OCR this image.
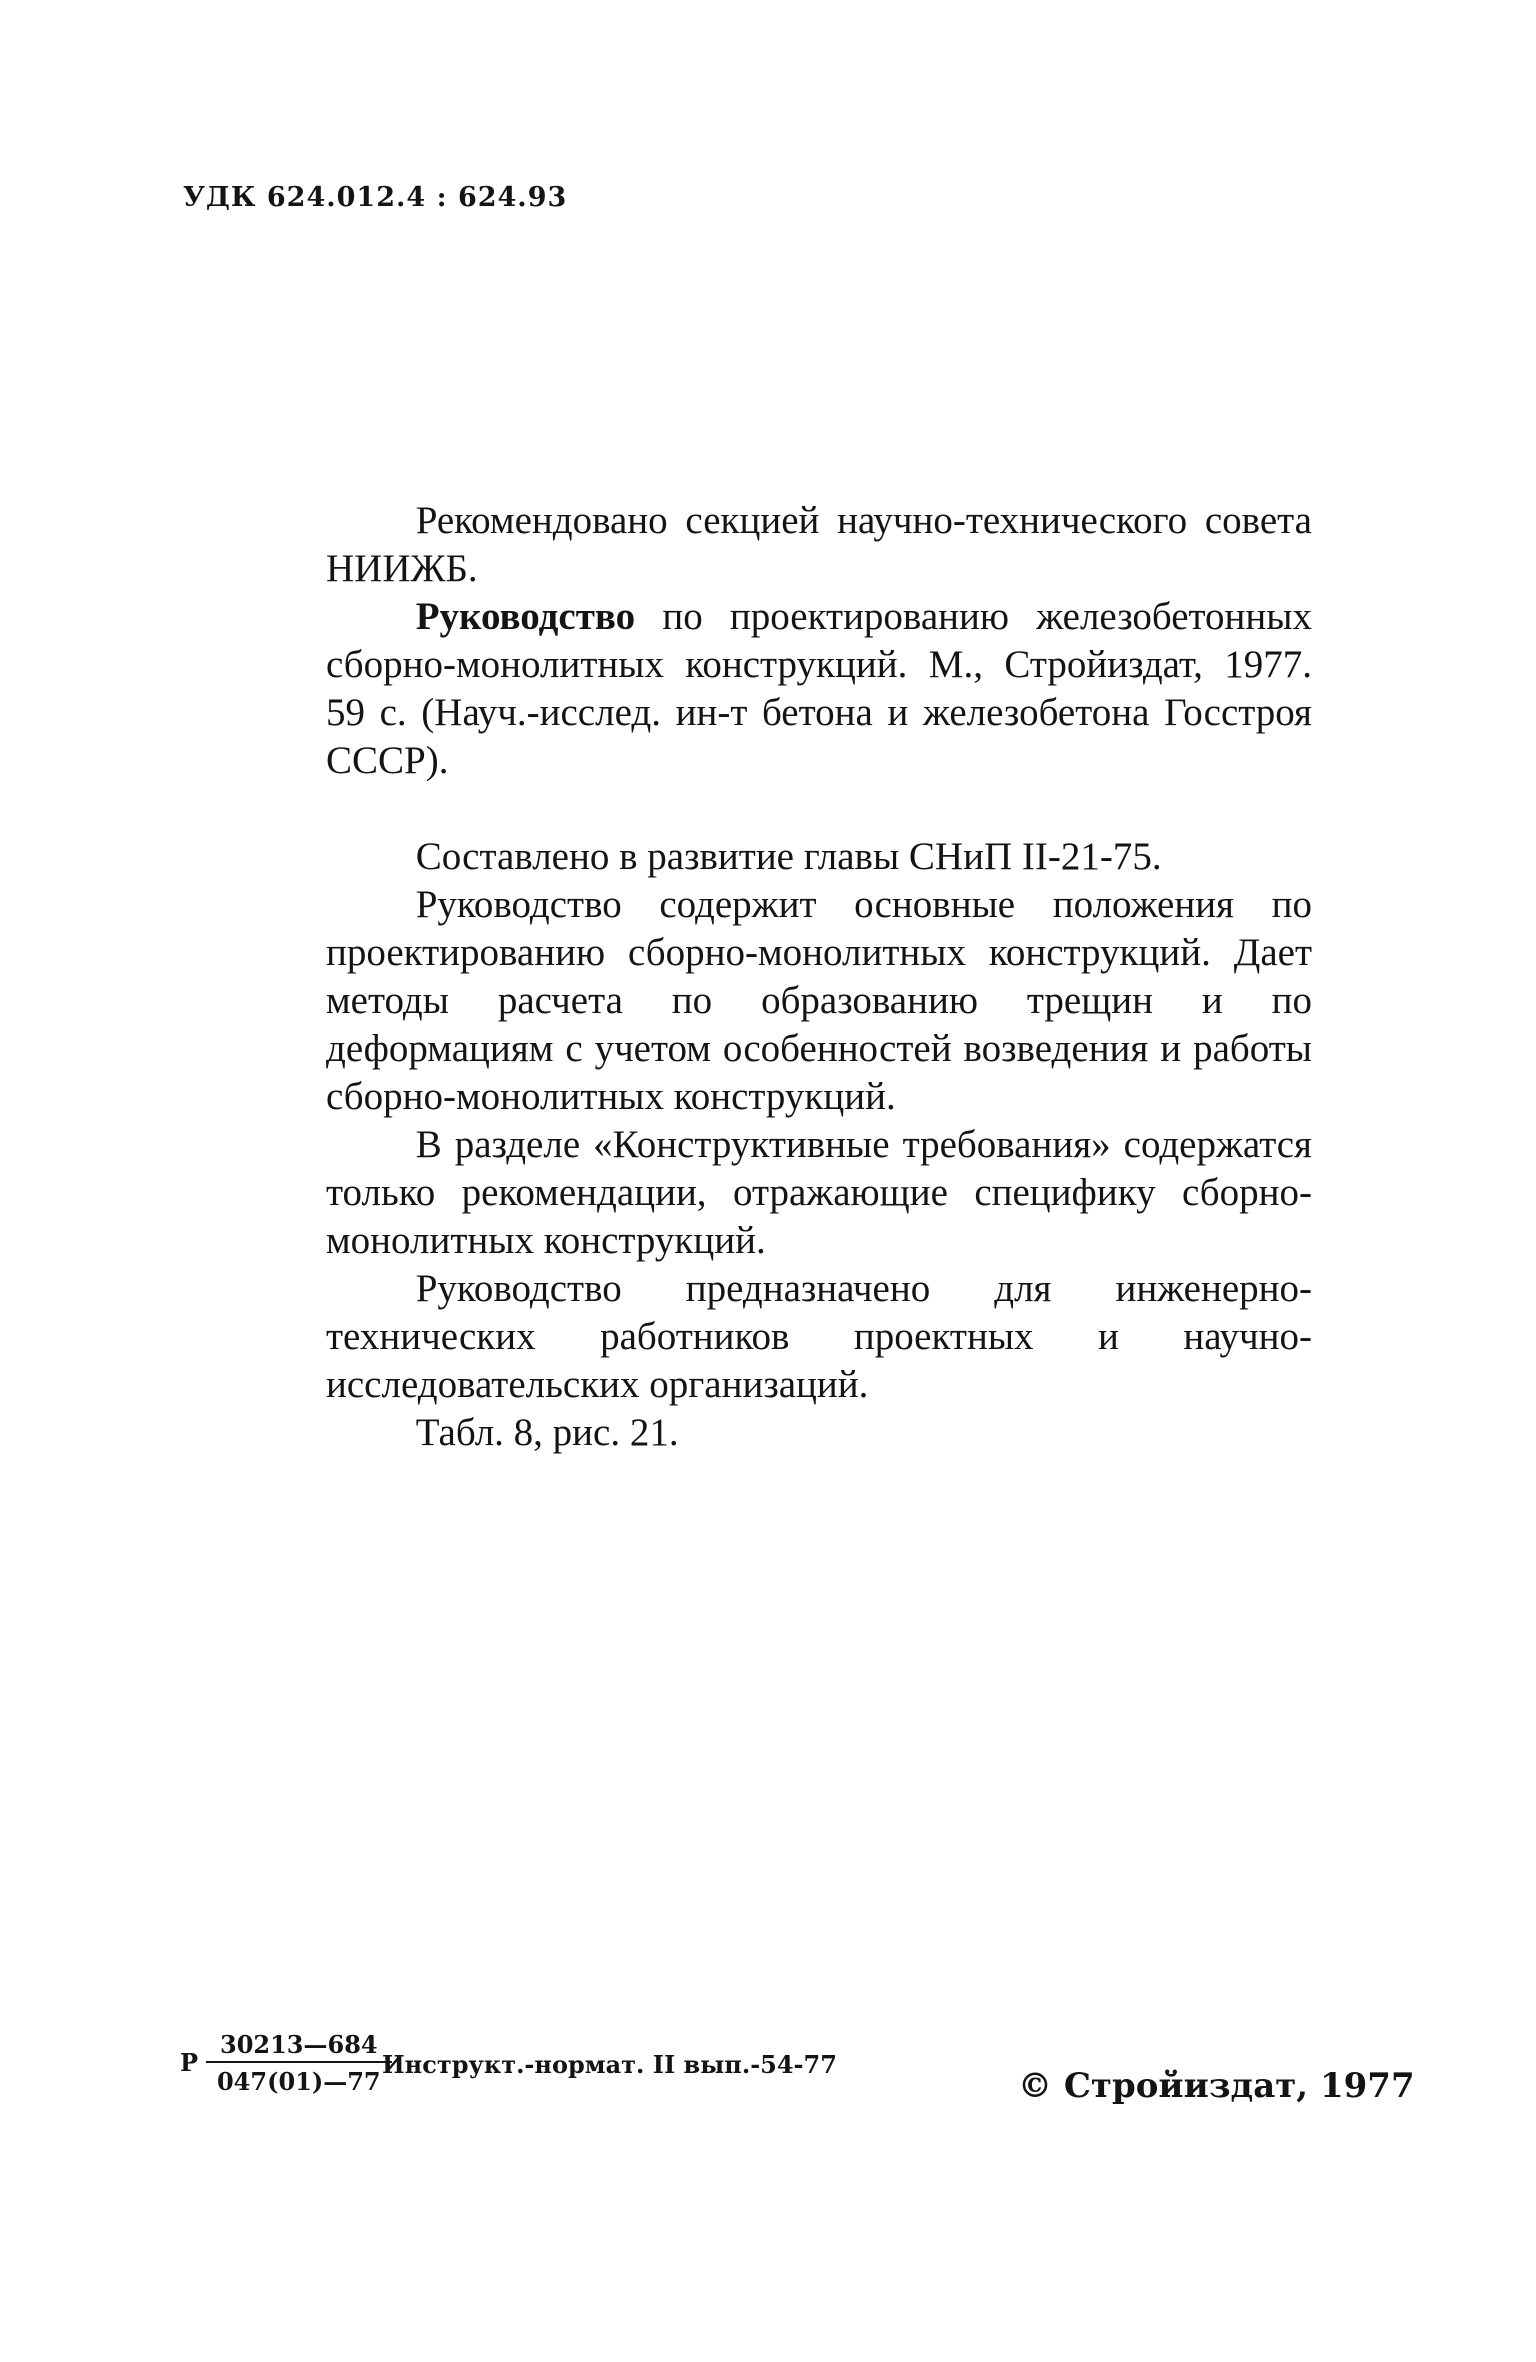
УДК 624.012.4 : 624.93

Рекомендовано секцией научно-технического совета НИИЖБ.

Руководство по проектированию железобетонных сборно-монолитных конструкций. М., Стройиздат, 1977. 59 с. (Науч.-исслед. ин-т бетона и железобетона Госстроя СССР).

Составлено в развитие главы СНиП II-21-75.

Руководство содержит основные положения по проектированию сборно-монолитных конструкций. Дает методы расчета по образованию трещин и по деформациям с учетом особенностей возведения и работы сборно-монолитных конструкций.

В разделе «Конструктивные требования» содержатся только рекомендации, отражающие специфику сборно-монолитных конструкций.

Руководство предназначено для инженерно-технических работников проектных и научно-исследовательских организаций.

Табл. 8, рис. 21.

Р $\frac{30213—684}{047(01)—77}$
Инструкт.-нормат. II вып.-54-77
© Стройиздат, 1977
